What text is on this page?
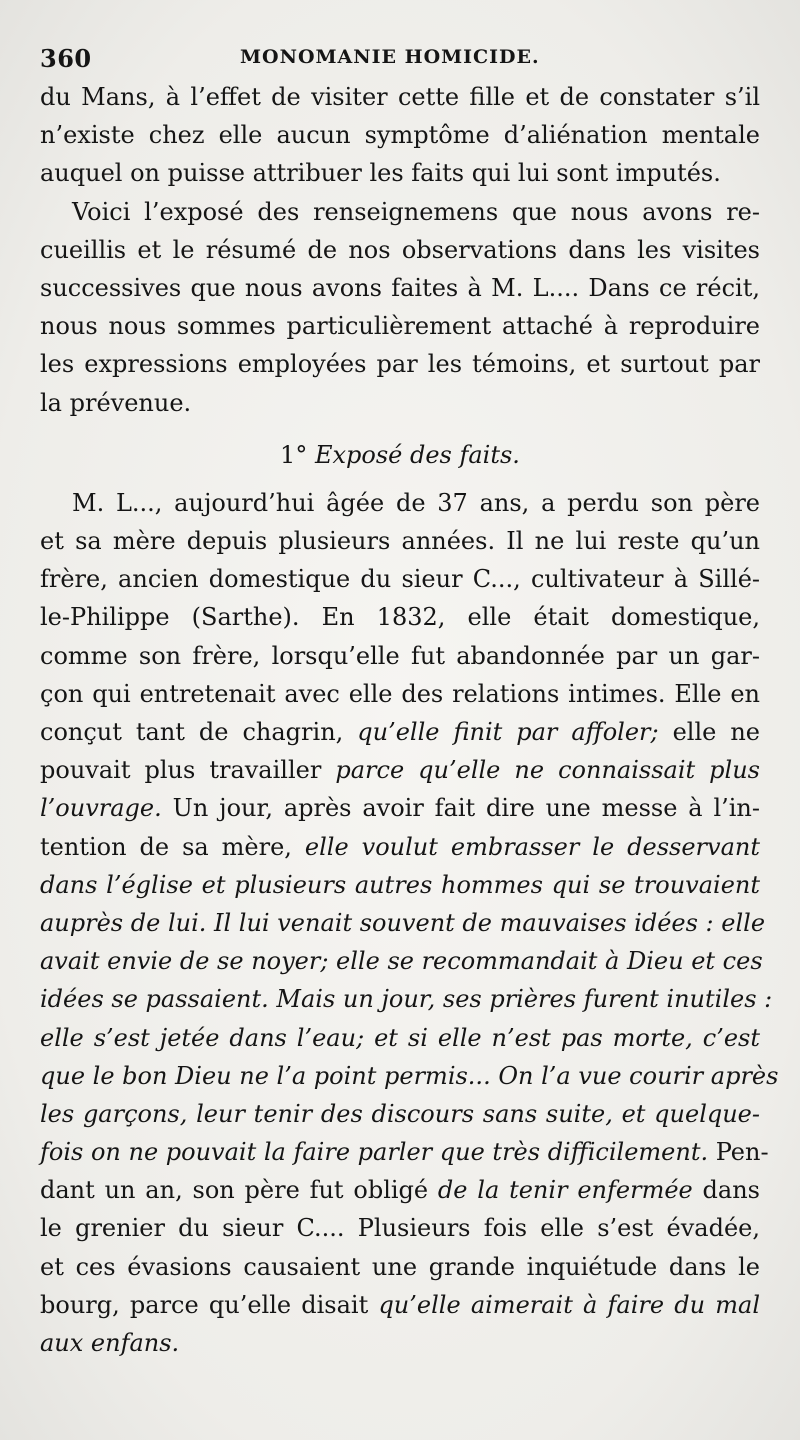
360	MONOMANIE HOMICIDE.
du Mans, à l’effet de visiter cette fille et de constater s’il
n’existe chez elle aucun symptôme d’aliénation mentale
auquel on puisse attribuer les faits qui lui sont imputés.
Voici l’exposé des renseignemens que nous avons re-
cueillis et le résumé de nos observations dans les visites
successives que nous avons faites à M. L.... Dans ce récit,
nous nous sommes particulièrement attaché à reproduire
les expressions employées par les témoins, et surtout par
la prévenue.
1° Exposé des faits.
M. L..., aujourd’hui âgée de 37 ans, a perdu son père
et sa mère depuis plusieurs années. Il ne lui reste qu’un
frère, ancien domestique du sieur C..., cultivateur à Sillé-
le-Philippe (Sarthe). En 1832, elle était domestique,
comme son frère, lorsqu’elle fut abandonnée par un gar-
çon qui entretenait avec elle des relations intimes. Elle en
conçut tant de chagrin, qu’elle finit par affoler; elle ne
pouvait plus travailler parce qu’elle ne connaissait plus
l’ouvrage. Un jour, après avoir fait dire une messe à l’in-
tention de sa mère, elle voulut embrasser le desservant
dans l’église et plusieurs autres hommes qui se trouvaient
auprès de lui. Il lui venait souvent de mauvaises idées : elle
avait envie de se noyer; elle se recommandait à Dieu et ces
idées se passaient. Mais un jour, ses prières furent inutiles :
elle s’est jetée dans l’eau; et si elle n’est pas morte, c’est
que le bon Dieu ne l’a point permis... On l’a vue courir après
les garçons, leur tenir des discours sans suite, et quelque-
fois on ne pouvait la faire parler que très difficilement. Pen-
dant un an, son père fut obligé de la tenir enfermée dans
le grenier du sieur C.... Plusieurs fois elle s’est évadée,
et ces évasions causaient une grande inquiétude dans le
bourg, parce qu’elle disait qu’elle aimerait à faire du mal
aux enfans.
